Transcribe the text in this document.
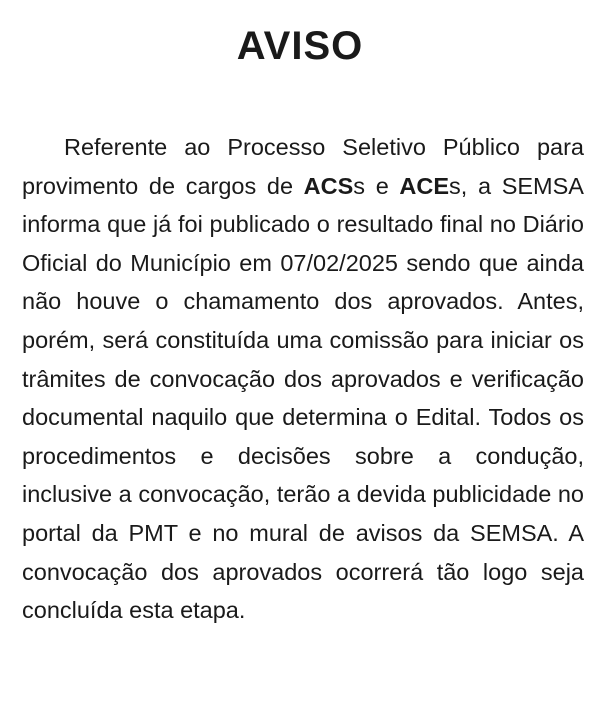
AVISO

Referente ao Processo Seletivo Público para provimento de cargos de ACSs e ACEs, a SEMSA informa que já foi publicado o resultado final no Diário Oficial do Município em 07/02/2025 sendo que ainda não houve o chamamento dos aprovados. Antes, porém, será constituída uma comissão para iniciar os trâmites de convocação dos aprovados e verificação documental naquilo que determina o Edital. Todos os procedimentos e decisões sobre a condução, inclusive a convocação, terão a devida publicidade no portal da PMT e no mural de avisos da SEMSA. A convocação dos aprovados ocorrerá tão logo seja concluída esta etapa.
